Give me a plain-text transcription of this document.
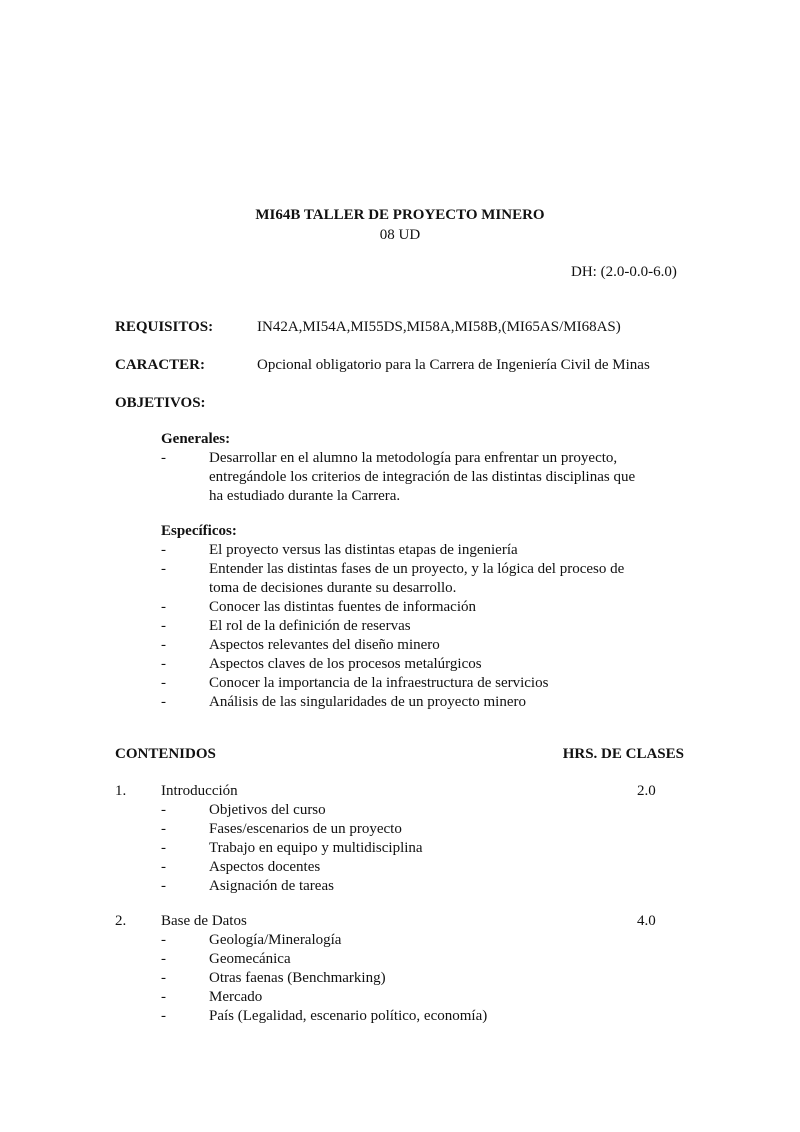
MI64B TALLER DE PROYECTO MINERO
08 UD
DH: (2.0-0.0-6.0)
REQUISITOS:	IN42A,MI54A,MI55DS,MI58A,MI58B,(MI65AS/MI68AS)
CARACTER:	Opcional obligatorio para la Carrera de Ingeniería Civil de Minas
OBJETIVOS:
Generales:
-	Desarrollar en el alumno la metodología para enfrentar un proyecto,
entregándole los criterios de integración de las distintas disciplinas que
ha estudiado durante la Carrera.
Específicos:
-	El proyecto versus las distintas etapas de ingeniería
-	Entender las distintas fases de un proyecto, y la lógica del proceso de
toma de decisiones durante su desarrollo.
-	Conocer las distintas fuentes de información
-	El rol de la definición de reservas
-	Aspectos relevantes del diseño minero
-	Aspectos claves de los procesos metalúrgicos
-	Conocer la importancia de la infraestructura de servicios
-	Análisis de las singularidades de un proyecto minero
CONTENIDOS	HRS. DE CLASES
1. Introducción	2.0
-	Objetivos del curso
-	Fases/escenarios de un proyecto
-	Trabajo en equipo y multidisciplina
-	Aspectos docentes
-	Asignación de tareas
2. Base de Datos	4.0
-	Geología/Mineralogía
-	Geomecánica
-	Otras faenas (Benchmarking)
-	Mercado
-	País (Legalidad, escenario político, economía)
